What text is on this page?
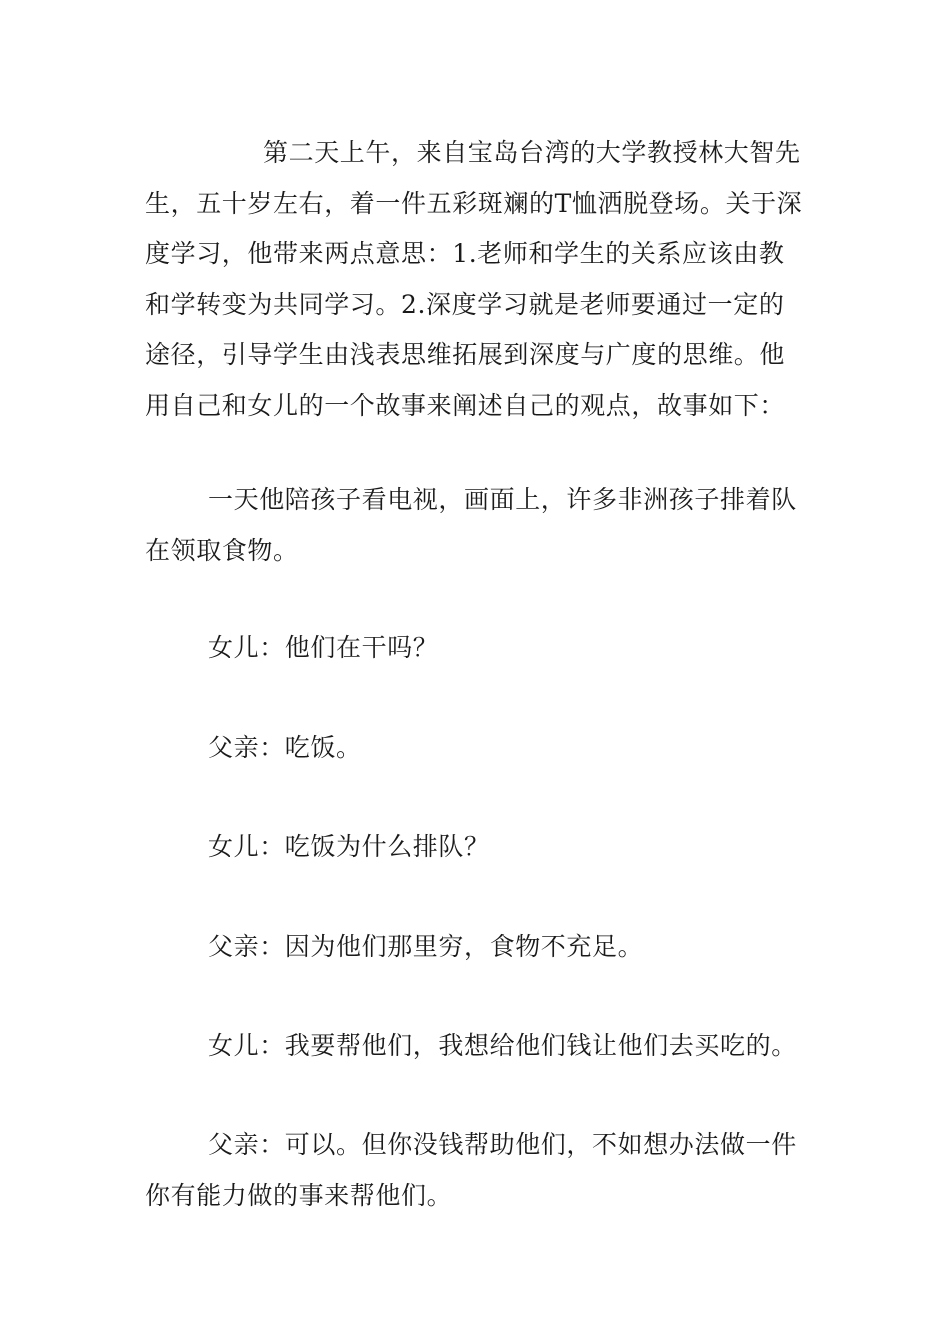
第二天上午，来自宝岛台湾的大学教授林大智先
生，五十岁左右，着一件五彩斑斓的T恤洒脱登场。关于深
度学习，他带来两点意思：1.老师和学生的关系应该由教
和学转变为共同学习。2.深度学习就是老师要通过一定的
途径，引导学生由浅表思维拓展到深度与广度的思维。他
用自己和女儿的一个故事来阐述自己的观点，故事如下：
一天他陪孩子看电视，画面上，许多非洲孩子排着队
在领取食物。
女儿：他们在干吗？
父亲：吃饭。
女儿：吃饭为什么排队？
父亲：因为他们那里穷，食物不充足。
女儿：我要帮他们，我想给他们钱让他们去买吃的。
父亲：可以。但你没钱帮助他们，不如想办法做一件
你有能力做的事来帮他们。
